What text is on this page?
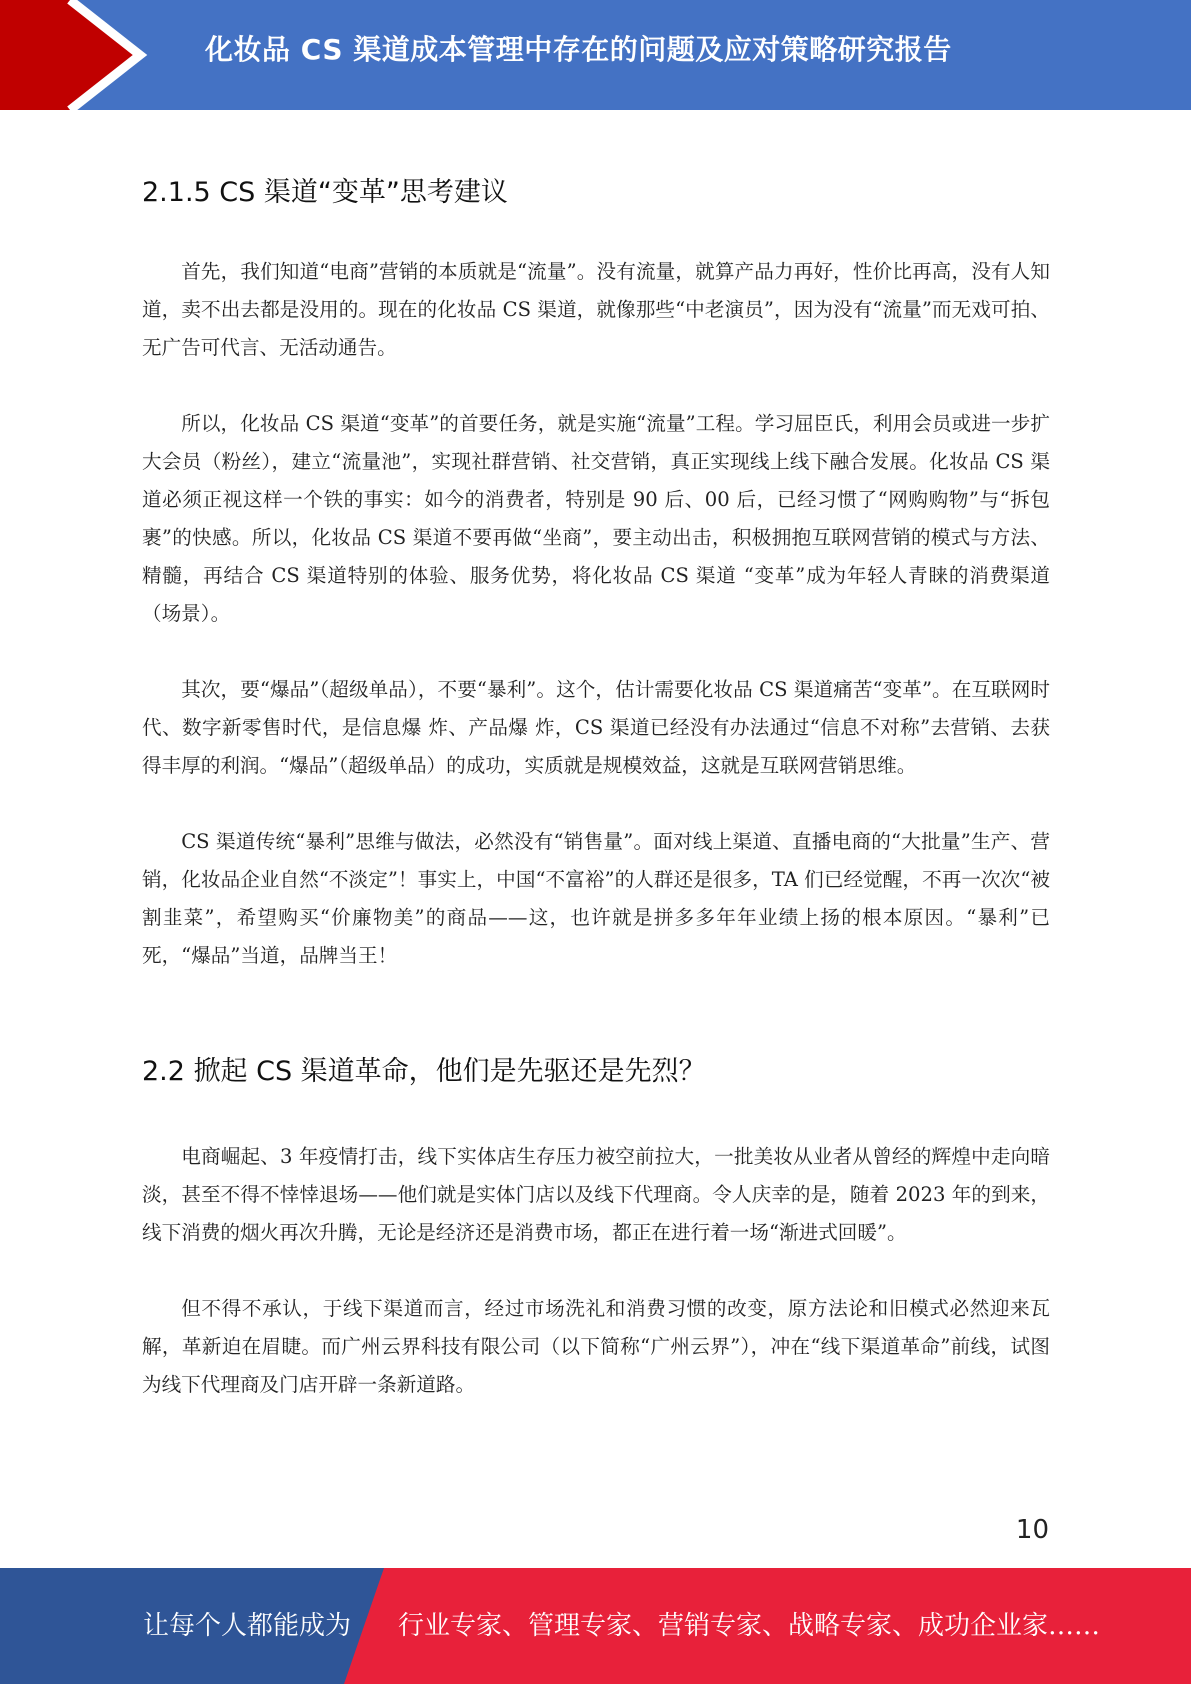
化妆品 CS 渠道成本管理中存在的问题及应对策略研究报告
2.1.5 CS 渠道“变革”思考建议

首先，我们知道“电商”营销的本质就是“流量”。没有流量，就算产品力再好，性价比再高，没有人知道，卖不出去都是没用的。现在的化妆品 CS 渠道，就像那些“中老演员”，因为没有“流量”而无戏可拍、无广告可代言、无活动通告。

所以，化妆品 CS 渠道“变革”的首要任务，就是实施“流量”工程。学习屈臣氏，利用会员或进一步扩大会员（粉丝），建立“流量池”，实现社群营销、社交营销，真正实现线上线下融合发展。化妆品 CS 渠道必须正视这样一个铁的事实：如今的消费者，特别是 90 后、00 后，已经习惯了“网购购物”与“拆包裹”的快感。所以，化妆品 CS 渠道不要再做“坐商”，要主动出击，积极拥抱互联网营销的模式与方法、精髓，再结合 CS 渠道特别的体验、服务优势，将化妆品 CS 渠道 “变革”成为年轻人青睐的消费渠道（场景）。

其次，要“爆品”（超级单品），不要“暴利”。这个，估计需要化妆品 CS 渠道痛苦“变革”。在互联网时代、数字新零售时代，是信息爆 炸、产品爆 炸，CS 渠道已经没有办法通过“信息不对称”去营销、去获得丰厚的利润。“爆品”（超级单品）的成功，实质就是规模效益，这就是互联网营销思维。

CS 渠道传统“暴利”思维与做法，必然没有“销售量”。面对线上渠道、直播电商的“大批量”生产、营销，化妆品企业自然“不淡定”！事实上，中国“不富裕”的人群还是很多，TA 们已经觉醒，不再一次次“被割韭菜”，希望购买“价廉物美”的商品——这，也许就是拼多多年年业绩上扬的根本原因。“暴利”已死，“爆品”当道，品牌当王！

2.2 掀起 CS 渠道革命，他们是先驱还是先烈？

电商崛起、3 年疫情打击，线下实体店生存压力被空前拉大，一批美妆从业者从曾经的辉煌中走向暗淡，甚至不得不悻悻退场——他们就是实体门店以及线下代理商。令人庆幸的是，随着 2023 年的到来，线下消费的烟火再次升腾，无论是经济还是消费市场，都正在进行着一场“渐进式回暖”。

但不得不承认，于线下渠道而言，经过市场洗礼和消费习惯的改变，原方法论和旧模式必然迎来瓦解，革新迫在眉睫。而广州云界科技有限公司（以下简称“广州云界”），冲在“线下渠道革命”前线，试图为线下代理商及门店开辟一条新道路。

10
让每个人都能成为 行业专家、管理专家、营销专家、战略专家、成功企业家……
